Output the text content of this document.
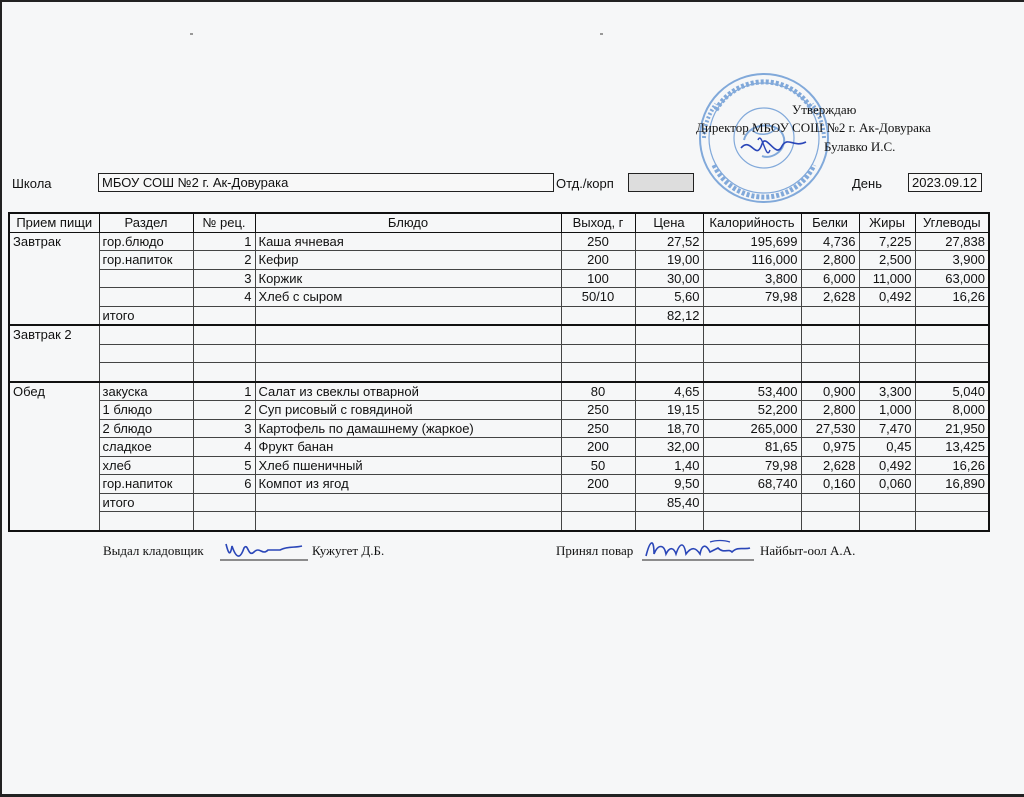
Утверждаю
Директор МБОУ СОШ №2 г. Ак-Довурака
Булавко И.С.
Школа	МБОУ СОШ №2 г. Ак-Довурака	Отд./корп	День	2023.09.12
Прием пищи	Раздел	№ рец.	Блюдо	Выход, г	Цена	Калорийность	Белки	Жиры	Углеводы
Завтрак	гор.блюдо	1	Каша ячневая	250	27,52	195,699	4,736	7,225	27,838
	гор.напиток	2	Кефир	200	19,00	116,000	2,800	2,500	3,900
		3	Коржик	100	30,00	3,800	6,000	11,000	63,000
		4	Хлеб с сыром	50/10	5,60	79,98	2,628	0,492	16,26
	итого				82,12				
Завтрак 2									

Обед	закуска	1	Салат из свеклы отварной	80	4,65	53,400	0,900	3,300	5,040
	1 блюдо	2	Суп рисовый с говядиной	250	19,15	52,200	2,800	1,000	8,000
	2 блюдо	3	Картофель по дамашнему (жаркое)	250	18,70	265,000	27,530	7,470	21,950
	сладкое	4	Фрукт банан	200	32,00	81,65	0,975	0,45	13,425
	хлеб	5	Хлеб пшеничный	50	1,40	79,98	2,628	0,492	16,26
	гор.напиток	6	Компот из ягод	200	9,50	68,740	0,160	0,060	16,890
	итого				85,40				

Выдал кладовщик	Кужугет Д.Б.	Принял повар	Найбыт-оол А.А.
